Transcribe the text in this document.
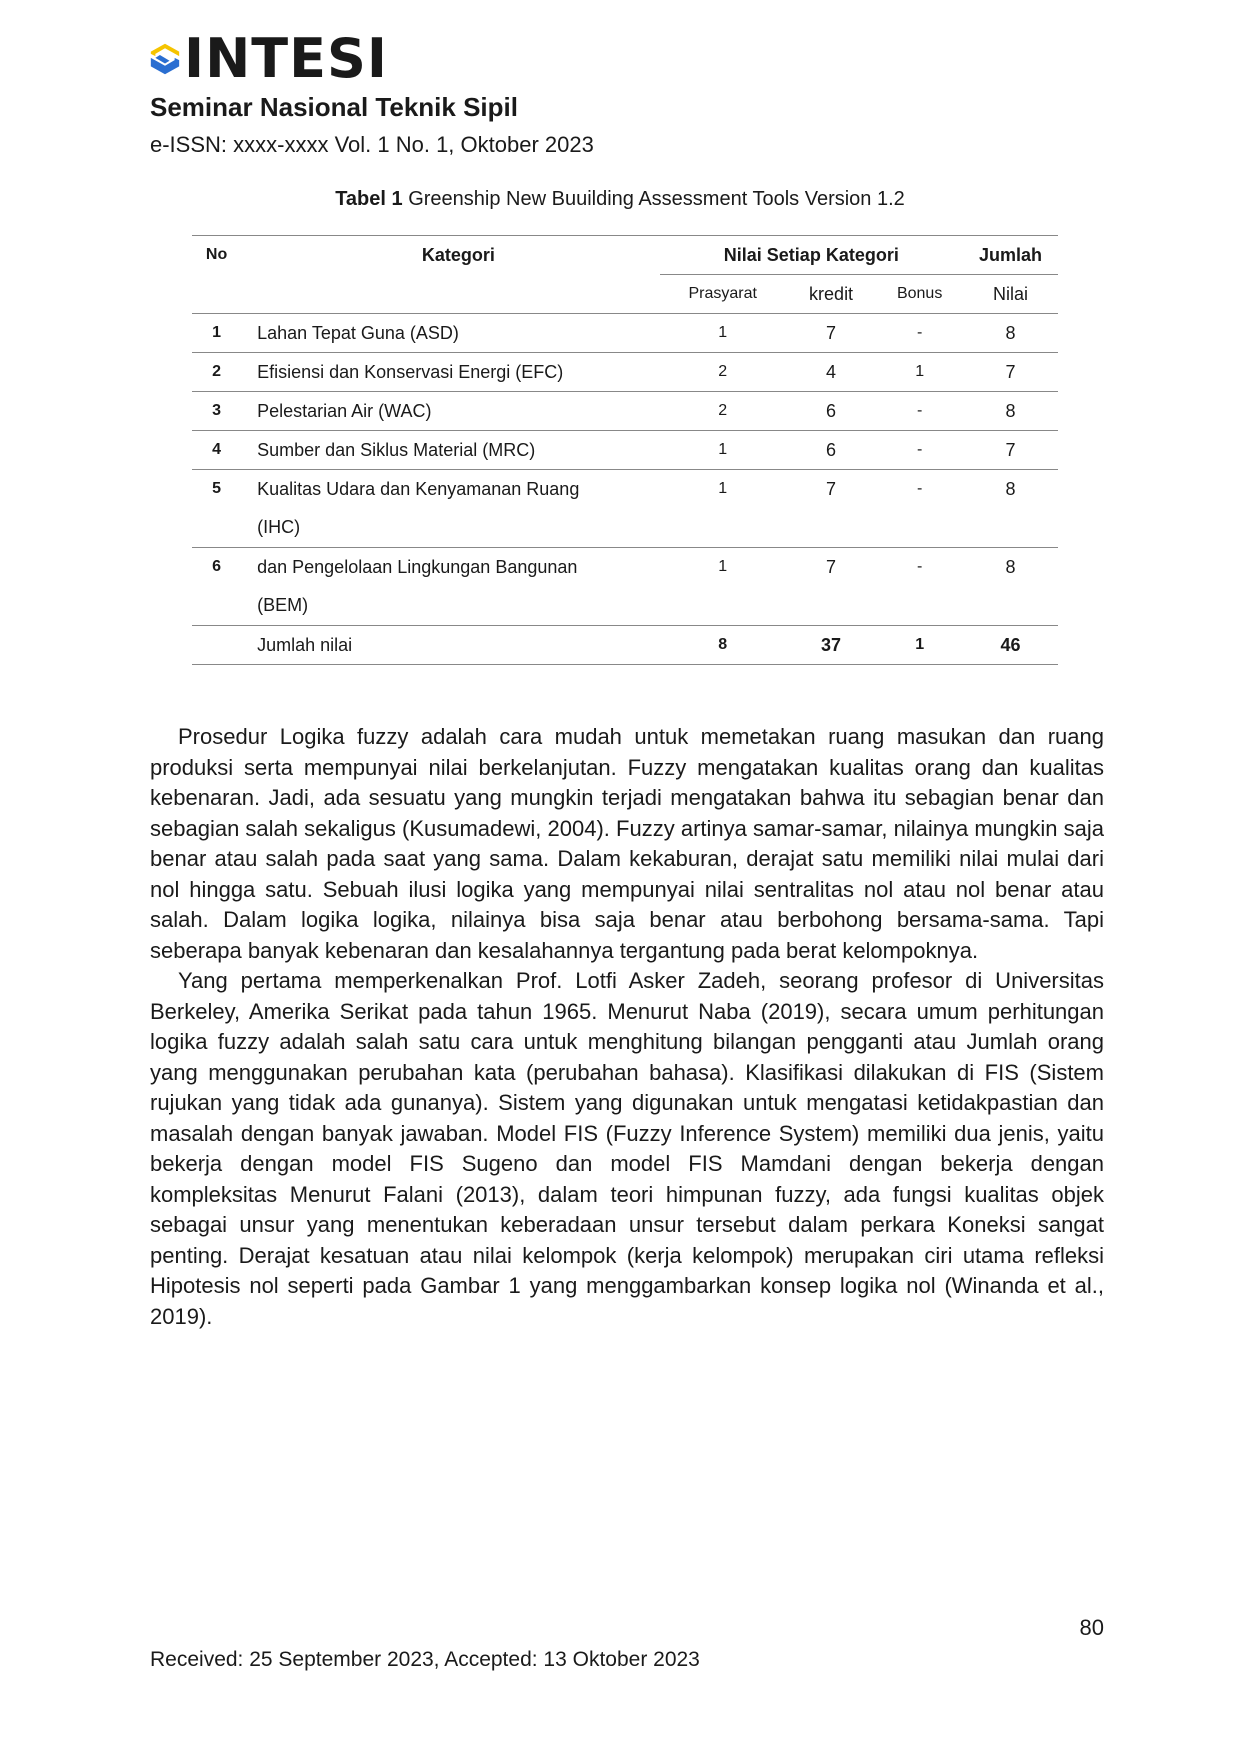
INTESI
Seminar Nasional Teknik Sipil
e-ISSN: xxxx-xxxx Vol. 1 No. 1, Oktober 2023
Tabel 1 Greenship New Buuilding Assessment Tools Version 1.2
No	Kategori	Nilai Setiap Kategori			Jumlah
		Prasyarat	kredit	Bonus	Nilai
1	Lahan Tepat Guna (ASD)	1	7	-	8
2	Efisiensi dan Konservasi Energi (EFC)	2	4	1	7
3	Pelestarian Air (WAC)	2	6	-	8
4	Sumber dan Siklus Material (MRC)	1	6	-	7
5	Kualitas Udara dan Kenyamanan Ruang
(IHC)	1	7	-	8
6	dan Pengelolaan Lingkungan Bangunan
(BEM)	1	7	-	8
	Jumlah nilai	8	37	1	46

Prosedur Logika fuzzy adalah cara mudah untuk memetakan ruang masukan dan ruang produksi serta mempunyai nilai berkelanjutan. Fuzzy mengatakan kualitas orang dan kualitas kebenaran. Jadi, ada sesuatu yang mungkin terjadi mengatakan bahwa itu sebagian benar dan sebagian salah sekaligus (Kusumadewi, 2004). Fuzzy artinya samar-samar, nilainya mungkin saja benar atau salah pada saat yang sama. Dalam kekaburan, derajat satu memiliki nilai mulai dari nol hingga satu. Sebuah ilusi logika yang mempunyai nilai sentralitas nol atau nol benar atau salah. Dalam logika logika, nilainya bisa saja benar atau berbohong bersama-sama. Tapi seberapa banyak kebenaran dan kesalahannya tergantung pada berat kelompoknya.

Yang pertama memperkenalkan Prof. Lotfi Asker Zadeh, seorang profesor di Universitas Berkeley, Amerika Serikat pada tahun 1965. Menurut Naba (2019), secara umum perhitungan logika fuzzy adalah salah satu cara untuk menghitung bilangan pengganti atau Jumlah orang yang menggunakan perubahan kata (perubahan bahasa). Klasifikasi dilakukan di FIS (Sistem rujukan yang tidak ada gunanya). Sistem yang digunakan untuk mengatasi ketidakpastian dan masalah dengan banyak jawaban. Model FIS (Fuzzy Inference System) memiliki dua jenis, yaitu bekerja dengan model FIS Sugeno dan model FIS Mamdani dengan bekerja dengan kompleksitas Menurut Falani (2013), dalam teori himpunan fuzzy, ada fungsi kualitas objek sebagai unsur yang menentukan keberadaan unsur tersebut dalam perkara Koneksi sangat penting. Derajat kesatuan atau nilai kelompok (kerja kelompok) merupakan ciri utama refleksi Hipotesis nol seperti pada Gambar 1 yang menggambarkan konsep logika nol (Winanda et al., 2019).

80
Received: 25 September 2023, Accepted: 13 Oktober 2023
